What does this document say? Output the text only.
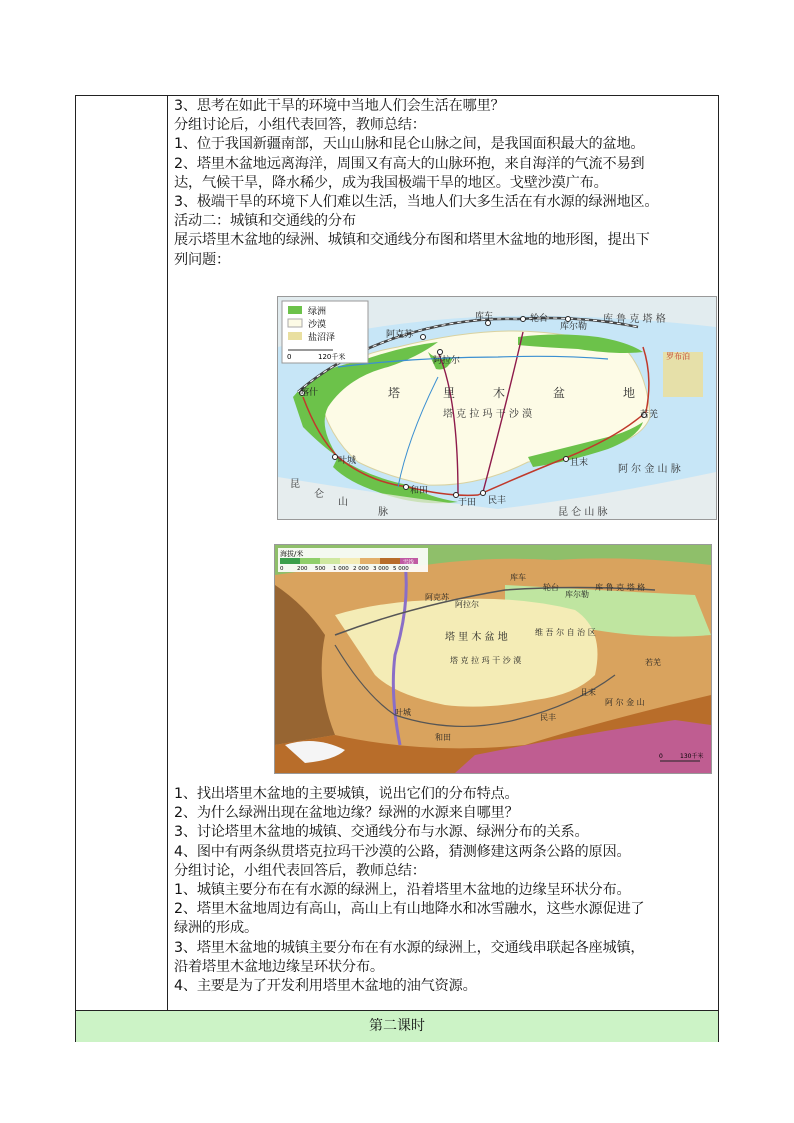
3、思考在如此干旱的环境中当地人们会生活在哪里？
分组讨论后，小组代表回答，教师总结：
1、位于我国新疆南部，天山山脉和昆仑山脉之间，是我国面积最大的盆地。
2、塔里木盆地远离海洋，周围又有高大的山脉环抱，来自海洋的气流不易到
达，气候干旱，降水稀少，成为我国极端干旱的地区。戈壁沙漠广布。
3、极端干旱的环境下人们难以生活，当地人们大多生活在有水源的绿洲地区。
活动二：城镇和交通线的分布
展示塔里木盆地的绿洲、城镇和交通线分布图和塔里木盆地的地形图，提出下
列问题：
绿洲
沙漠
盐沼泽
0	120千米
阿克苏
库车	轮台
库尔勒
阿拉尔
喀什
叶城
和田
于田 民丰
且末
若羌
库 鲁 克 塔 格
罗布泊
塔	里	木	盆	地
塔 克 拉 玛 干 沙 漠
阿 尔 金 山 脉
昆
仑
山
脉	昆 仑 山 脉
海拔/米
0 200 500 1 000 2 000 3 000 5 000
雪线
库车
轮台
库尔勒
阿拉尔
阿克苏
和田
叶城
且末
民丰
若羌
塔 里 木 盆 地
塔 克 拉 玛 干 沙 漠
库 鲁 克 塔 格
维 吾 尔 自 治 区
阿 尔 金 山
0	130千米
1、找出塔里木盆地的主要城镇，说出它们的分布特点。
2、为什么绿洲出现在盆地边缘？绿洲的水源来自哪里？
3、讨论塔里木盆地的城镇、交通线分布与水源、绿洲分布的关系。
4、图中有两条纵贯塔克拉玛干沙漠的公路，猜测修建这两条公路的原因。
分组讨论，小组代表回答后，教师总结：
1、城镇主要分布在有水源的绿洲上，沿着塔里木盆地的边缘呈环状分布。
2、塔里木盆地周边有高山，高山上有山地降水和冰雪融水，这些水源促进了
绿洲的形成。
3、塔里木盆地的城镇主要分布在有水源的绿洲上，交通线串联起各座城镇，
沿着塔里木盆地边缘呈环状分布。
4、主要是为了开发利用塔里木盆地的油气资源。
第二课时
